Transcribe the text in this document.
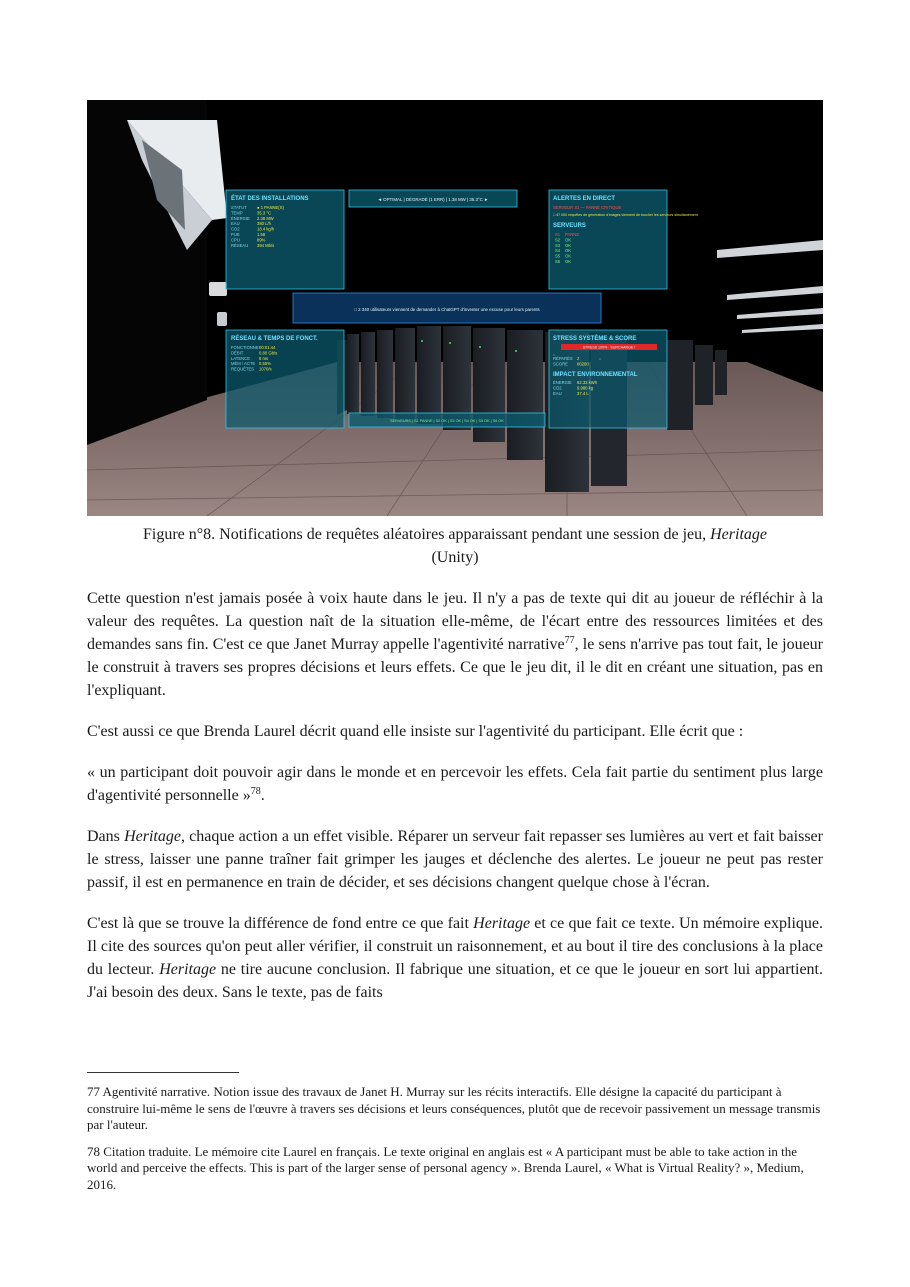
ÉTAT DES INSTALLATIONS
STATUT ● 1 PANNE(S)
TEMP	35.3 °C
ÉNERGIE 2.38 MW
EAU	380 L/h
CO2	18.4 kg/h
PUE	1.58
CPU	89%
RÉSEAU 394 Mb/s
◄ OPTIMAL | DÉGRADÉ (1 ERR) | 1.38 MW | 35.3°C ►	ALERTES EN DIRECT
SERVEUR S1 — PANNE CRITIQUE
□ 47 000 requêtes de génération d'images viennent de toucher les serveurs simultanément
SERVEURS
S1 PANNE
S2 OK
S3 OK
S4 OK
S5 OK
S6 OK
□ 2 340 utilisateurs viennent de demander à ChatGPT d'inventer une excuse pour leurs parents
RÉSEAU & TEMPS DE FONCT.
FONCTIONNE 00:01:44
DÉBIT	0.80 Gb/s
LATENCE 8 ms
MÉM / ACTE 0.55%
REQUÊTES 1070/s
STRESS SYSTÈME & SCORE
STRESS 100% · SURCHARGE !
RÉPARÉS 2
SCORE 00200
IMPACT ENVIRONNEMENTAL
ÉNERGIE 62.33 kWh
CO2	9.980 kg
EAU	37.4 L
SERVEURS | S1 PANNE | S2 OK | S3 OK | S4 OK | S5 OK | S6 OK
Figure n°8. Notifications de requêtes aléatoires apparaissant pendant une session de jeu, Heritage
(Unity)

Cette question n'est jamais posée à voix haute dans le jeu. Il n'y a pas de texte qui dit au joueur de réfléchir à la valeur des requêtes. La question naît de la situation elle-même, de l'écart entre des ressources limitées et des demandes sans fin. C'est ce que Janet Murray appelle l'agentivité narrative$^{77}$, le sens n'arrive pas tout fait, le joueur le construit à travers ses propres décisions et leurs effets. Ce que le jeu dit, il le dit en créant une situation, pas en l'expliquant.

C'est aussi ce que Brenda Laurel décrit quand elle insiste sur l'agentivité du participant. Elle écrit que :

« un participant doit pouvoir agir dans le monde et en percevoir les effets. Cela fait partie du sentiment plus large d'agentivité personnelle »$^{78}$.

Dans Heritage, chaque action a un effet visible. Réparer un serveur fait repasser ses lumières au vert et fait baisser le stress, laisser une panne traîner fait grimper les jauges et déclenche des alertes. Le joueur ne peut pas rester passif, il est en permanence en train de décider, et ses décisions changent quelque chose à l'écran.

C'est là que se trouve la différence de fond entre ce que fait Heritage et ce que fait ce texte. Un mémoire explique. Il cite des sources qu'on peut aller vérifier, il construit un raisonnement, et au bout il tire des conclusions à la place du lecteur. Heritage ne tire aucune conclusion. Il fabrique une situation, et ce que le joueur en sort lui appartient. J'ai besoin des deux. Sans le texte, pas de faits

77 Agentivité narrative. Notion issue des travaux de Janet H. Murray sur les récits interactifs. Elle désigne la capacité du participant à construire lui-même le sens de l'œuvre à travers ses décisions et leurs conséquences, plutôt que de recevoir passivement un message transmis par l'auteur.

78 Citation traduite. Le mémoire cite Laurel en français. Le texte original en anglais est « A participant must be able to take action in the world and perceive the effects. This is part of the larger sense of personal agency ». Brenda Laurel, « What is Virtual Reality? », Medium, 2016.
